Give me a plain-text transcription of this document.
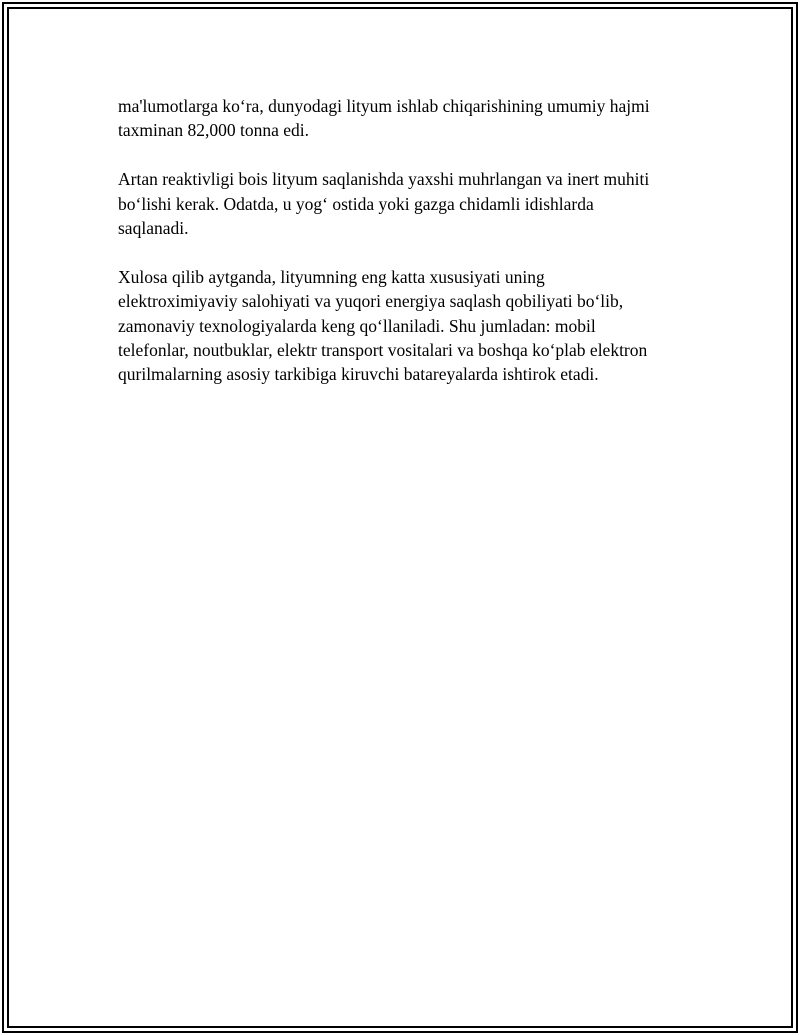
ma'lumotlarga ko‘ra, dunyodagi lityum ishlab chiqarishining umumiy hajmi
taxminan 82,000 tonna edi.

Artan reaktivligi bois lityum saqlanishda yaxshi muhrlangan va inert muhiti
bo‘lishi kerak. Odatda, u yog‘ ostida yoki gazga chidamli idishlarda
saqlanadi.

Xulosa qilib aytganda, lityumning eng katta xususiyati uning
elektroximiyaviy salohiyati va yuqori energiya saqlash qobiliyati bo‘lib,
zamonaviy texnologiyalarda keng qo‘llaniladi. Shu jumladan: mobil
telefonlar, noutbuklar, elektr transport vositalari va boshqa ko‘plab elektron
qurilmalarning asosiy tarkibiga kiruvchi batareyalarda ishtirok etadi.
